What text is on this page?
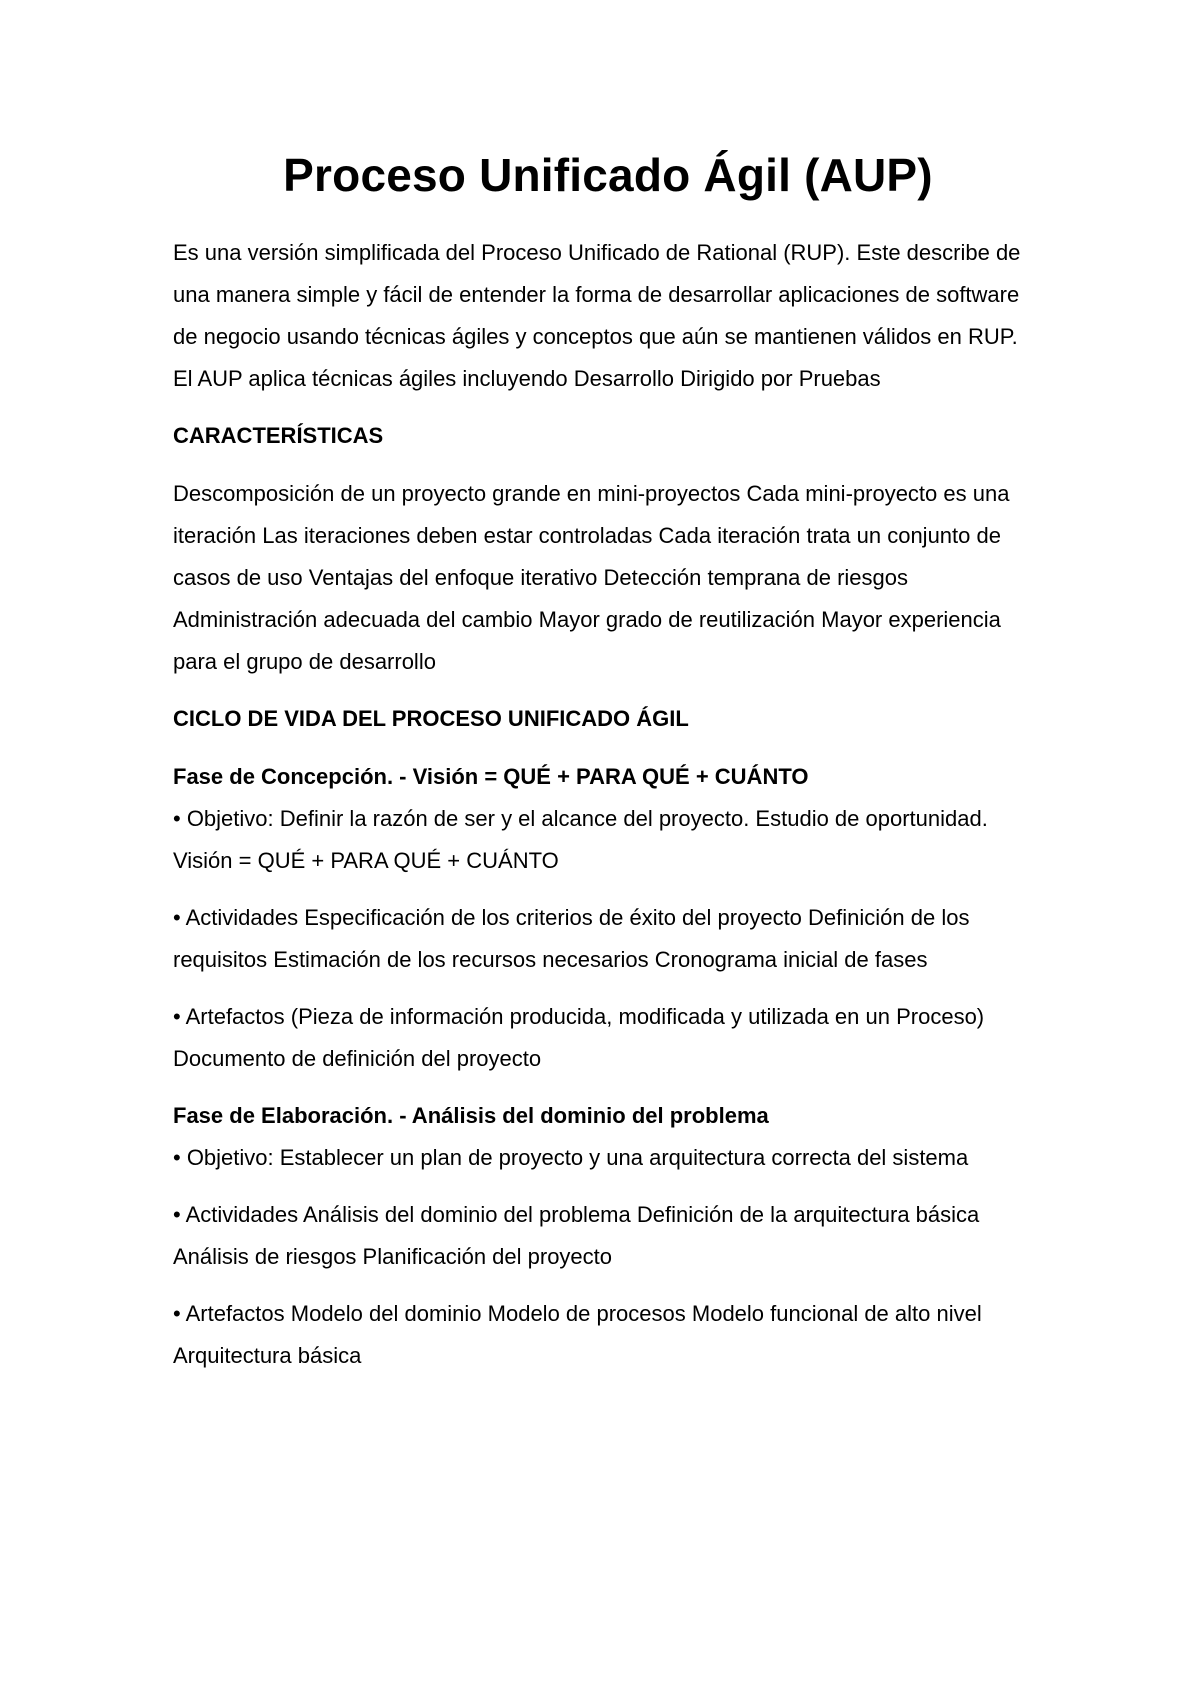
Proceso Unificado Ágil (AUP)

Es una versión simplificada del Proceso Unificado de Rational (RUP). Este describe de una manera simple y fácil de entender la forma de desarrollar aplicaciones de software de negocio usando técnicas ágiles y conceptos que aún se mantienen válidos en RUP. El AUP aplica técnicas ágiles incluyendo Desarrollo Dirigido por Pruebas

CARACTERÍSTICAS

Descomposición de un proyecto grande en mini-proyectos Cada mini-proyecto es una iteración Las iteraciones deben estar controladas Cada iteración trata un conjunto de casos de uso Ventajas del enfoque iterativo Detección temprana de riesgos Administración adecuada del cambio Mayor grado de reutilización Mayor experiencia para el grupo de desarrollo

CICLO DE VIDA DEL PROCESO UNIFICADO ÁGIL

Fase de Concepción. - Visión = QUÉ + PARA QUÉ + CUÁNTO

• Objetivo: Definir la razón de ser y el alcance del proyecto. Estudio de oportunidad. Visión = QUÉ + PARA QUÉ + CUÁNTO

• Actividades Especificación de los criterios de éxito del proyecto Definición de los requisitos Estimación de los recursos necesarios Cronograma inicial de fases

• Artefactos (Pieza de información producida, modificada y utilizada en un Proceso) Documento de definición del proyecto

Fase de Elaboración. - Análisis del dominio del problema

• Objetivo: Establecer un plan de proyecto y una arquitectura correcta del sistema

• Actividades Análisis del dominio del problema Definición de la arquitectura básica Análisis de riesgos Planificación del proyecto

• Artefactos Modelo del dominio Modelo de procesos Modelo funcional de alto nivel Arquitectura básica
